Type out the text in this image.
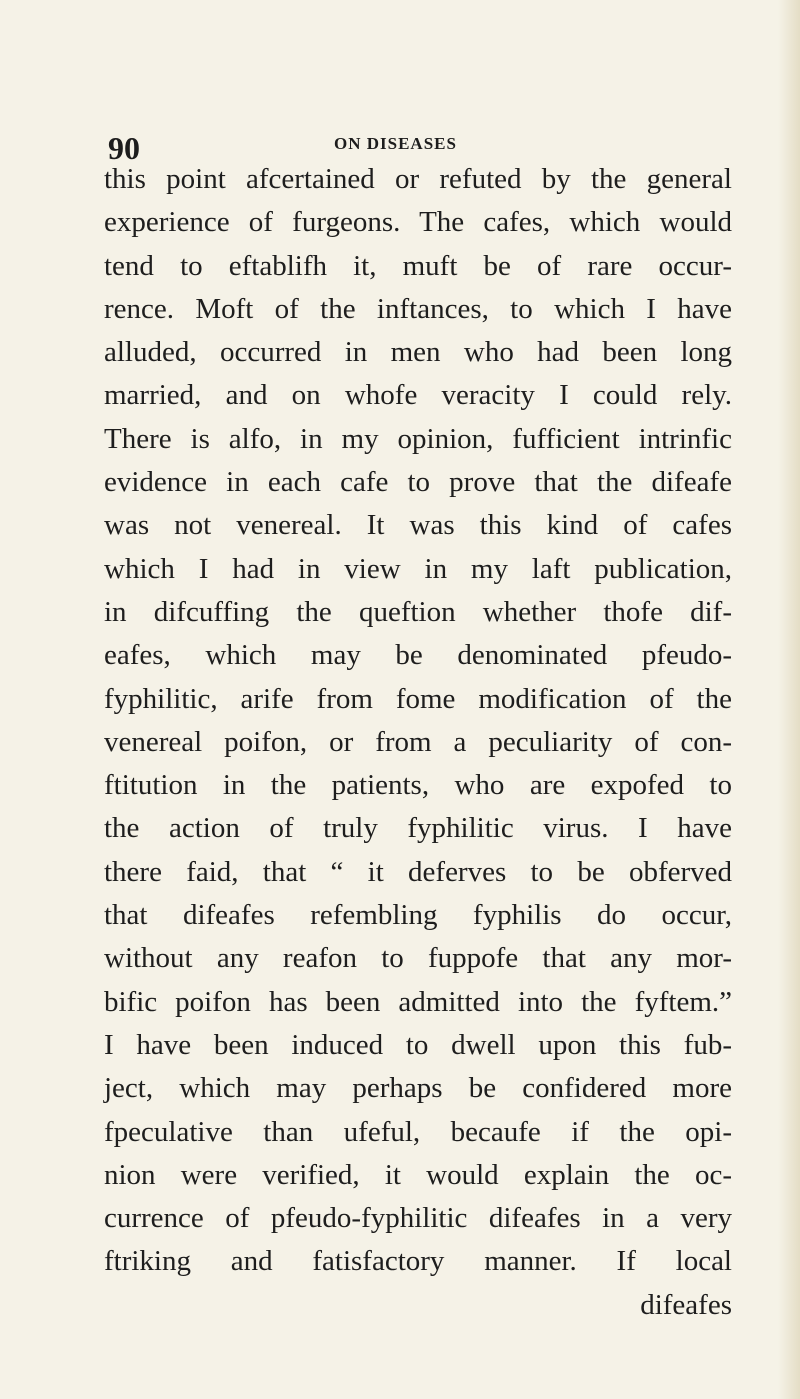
90	ON DISEASES
this point afcertained or refuted by the general
experience of furgeons. The cafes, which would
tend to eftablifh it, muft be of rare occur-
rence. Moft of the inftances, to which I have
alluded, occurred in men who had been long
married, and on whofe veracity I could rely.
There is alfo, in my opinion, fufficient intrinfic
evidence in each cafe to prove that the difeafe
was not venereal. It was this kind of cafes
which I had in view in my laft publication,
in difcuffing the queftion whether thofe dif-
eafes, which may be denominated pfeudo-
fyphilitic, arife from fome modification of the
venereal poifon, or from a peculiarity of con-
ftitution in the patients, who are expofed to
the action of truly fyphilitic virus. I have
there faid, that “ it deferves to be obferved
that difeafes refembling fyphilis do occur,
without any reafon to fuppofe that any mor-
bific poifon has been admitted into the fyftem.”
I have been induced to dwell upon this fub-
ject, which may perhaps be confidered more
fpeculative than ufeful, becaufe if the opi-
nion were verified, it would explain the oc-
currence of pfeudo-fyphilitic difeafes in a very
ftriking and fatisfactory manner. If local
difeafes
